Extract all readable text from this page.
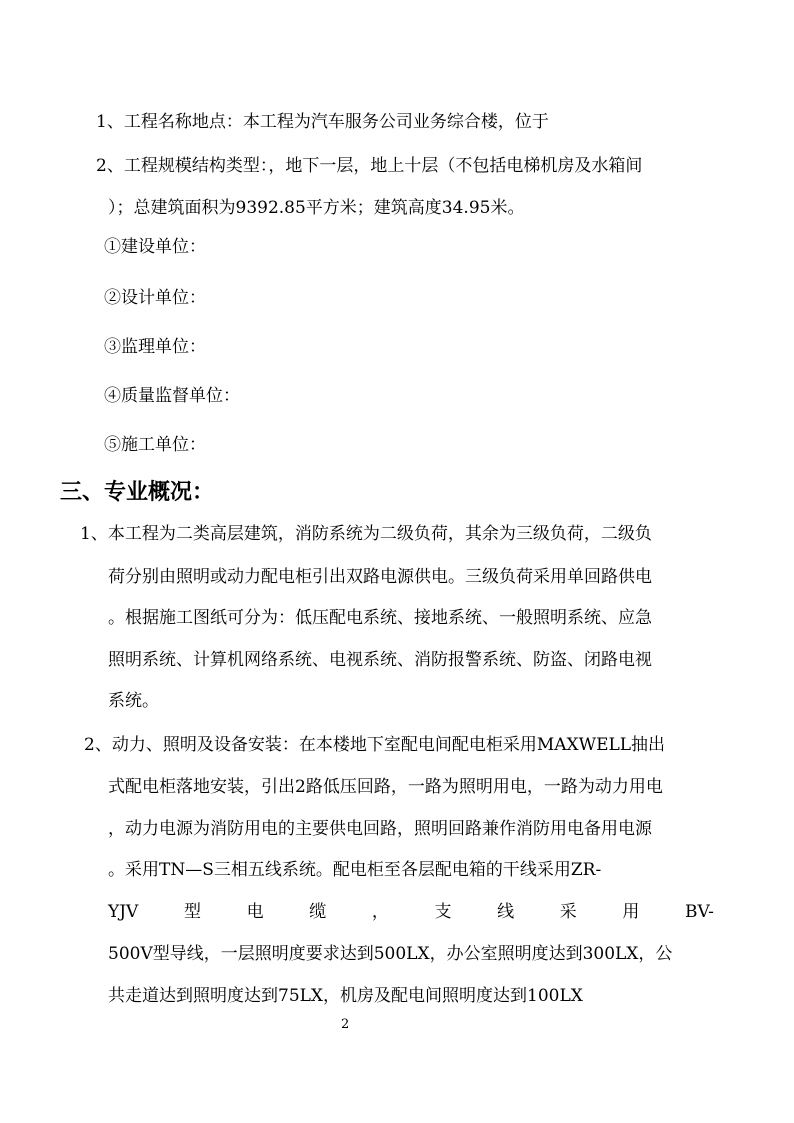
1、工程名称地点：本工程为汽车服务公司业务综合楼，位于
2、工程规模结构类型：，地下一层，地上十层（不包括电梯机房及水箱间
）；总建筑面积为9392.85平方米；建筑高度34.95米。
①建设单位：
②设计单位：
③监理单位：
④质量监督单位：
⑤施工单位：
三、专业概况：
1、本工程为二类高层建筑，消防系统为二级负荷，其余为三级负荷，二级负
荷分别由照明或动力配电柜引出双路电源供电。三级负荷采用单回路供电
。根据施工图纸可分为：低压配电系统、接地系统、一般照明系统、应急
照明系统、计算机网络系统、电视系统、消防报警系统、防盗、闭路电视
系统。
2、动力、照明及设备安装：在本楼地下室配电间配电柜采用MAXWELL抽出
式配电柜落地安装，引出2路低压回路，一路为照明用电，一路为动力用电
，动力电源为消防用电的主要供电回路，照明回路兼作消防用电备用电源
。采用TN—S三相五线系统。配电柜至各层配电箱的干线采用ZR-
YJV	型	电	缆	，	支	线	采	用	BV-
500V型导线，一层照明度要求达到500LX，办公室照明度达到300LX，公
共走道达到照明度达到75LX，机房及配电间照明度达到100LX
2
